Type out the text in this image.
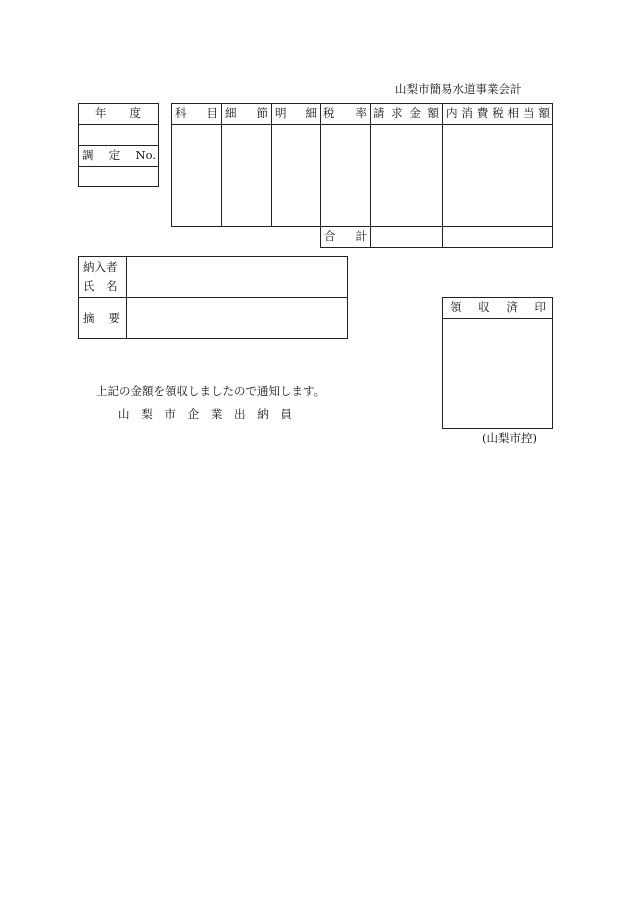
山梨市簡易水道事業会計
年 度
調 定 No.
科 目 細 節 明 細 税 率 請 求 金 額 内 消 費 税 相 当 額
合 計
納入者
氏　名
摘 要
領 収 済 印
(山梨市控)
上記の金額を領収しましたので通知します。
山 梨 市 企 業 出 納 員
